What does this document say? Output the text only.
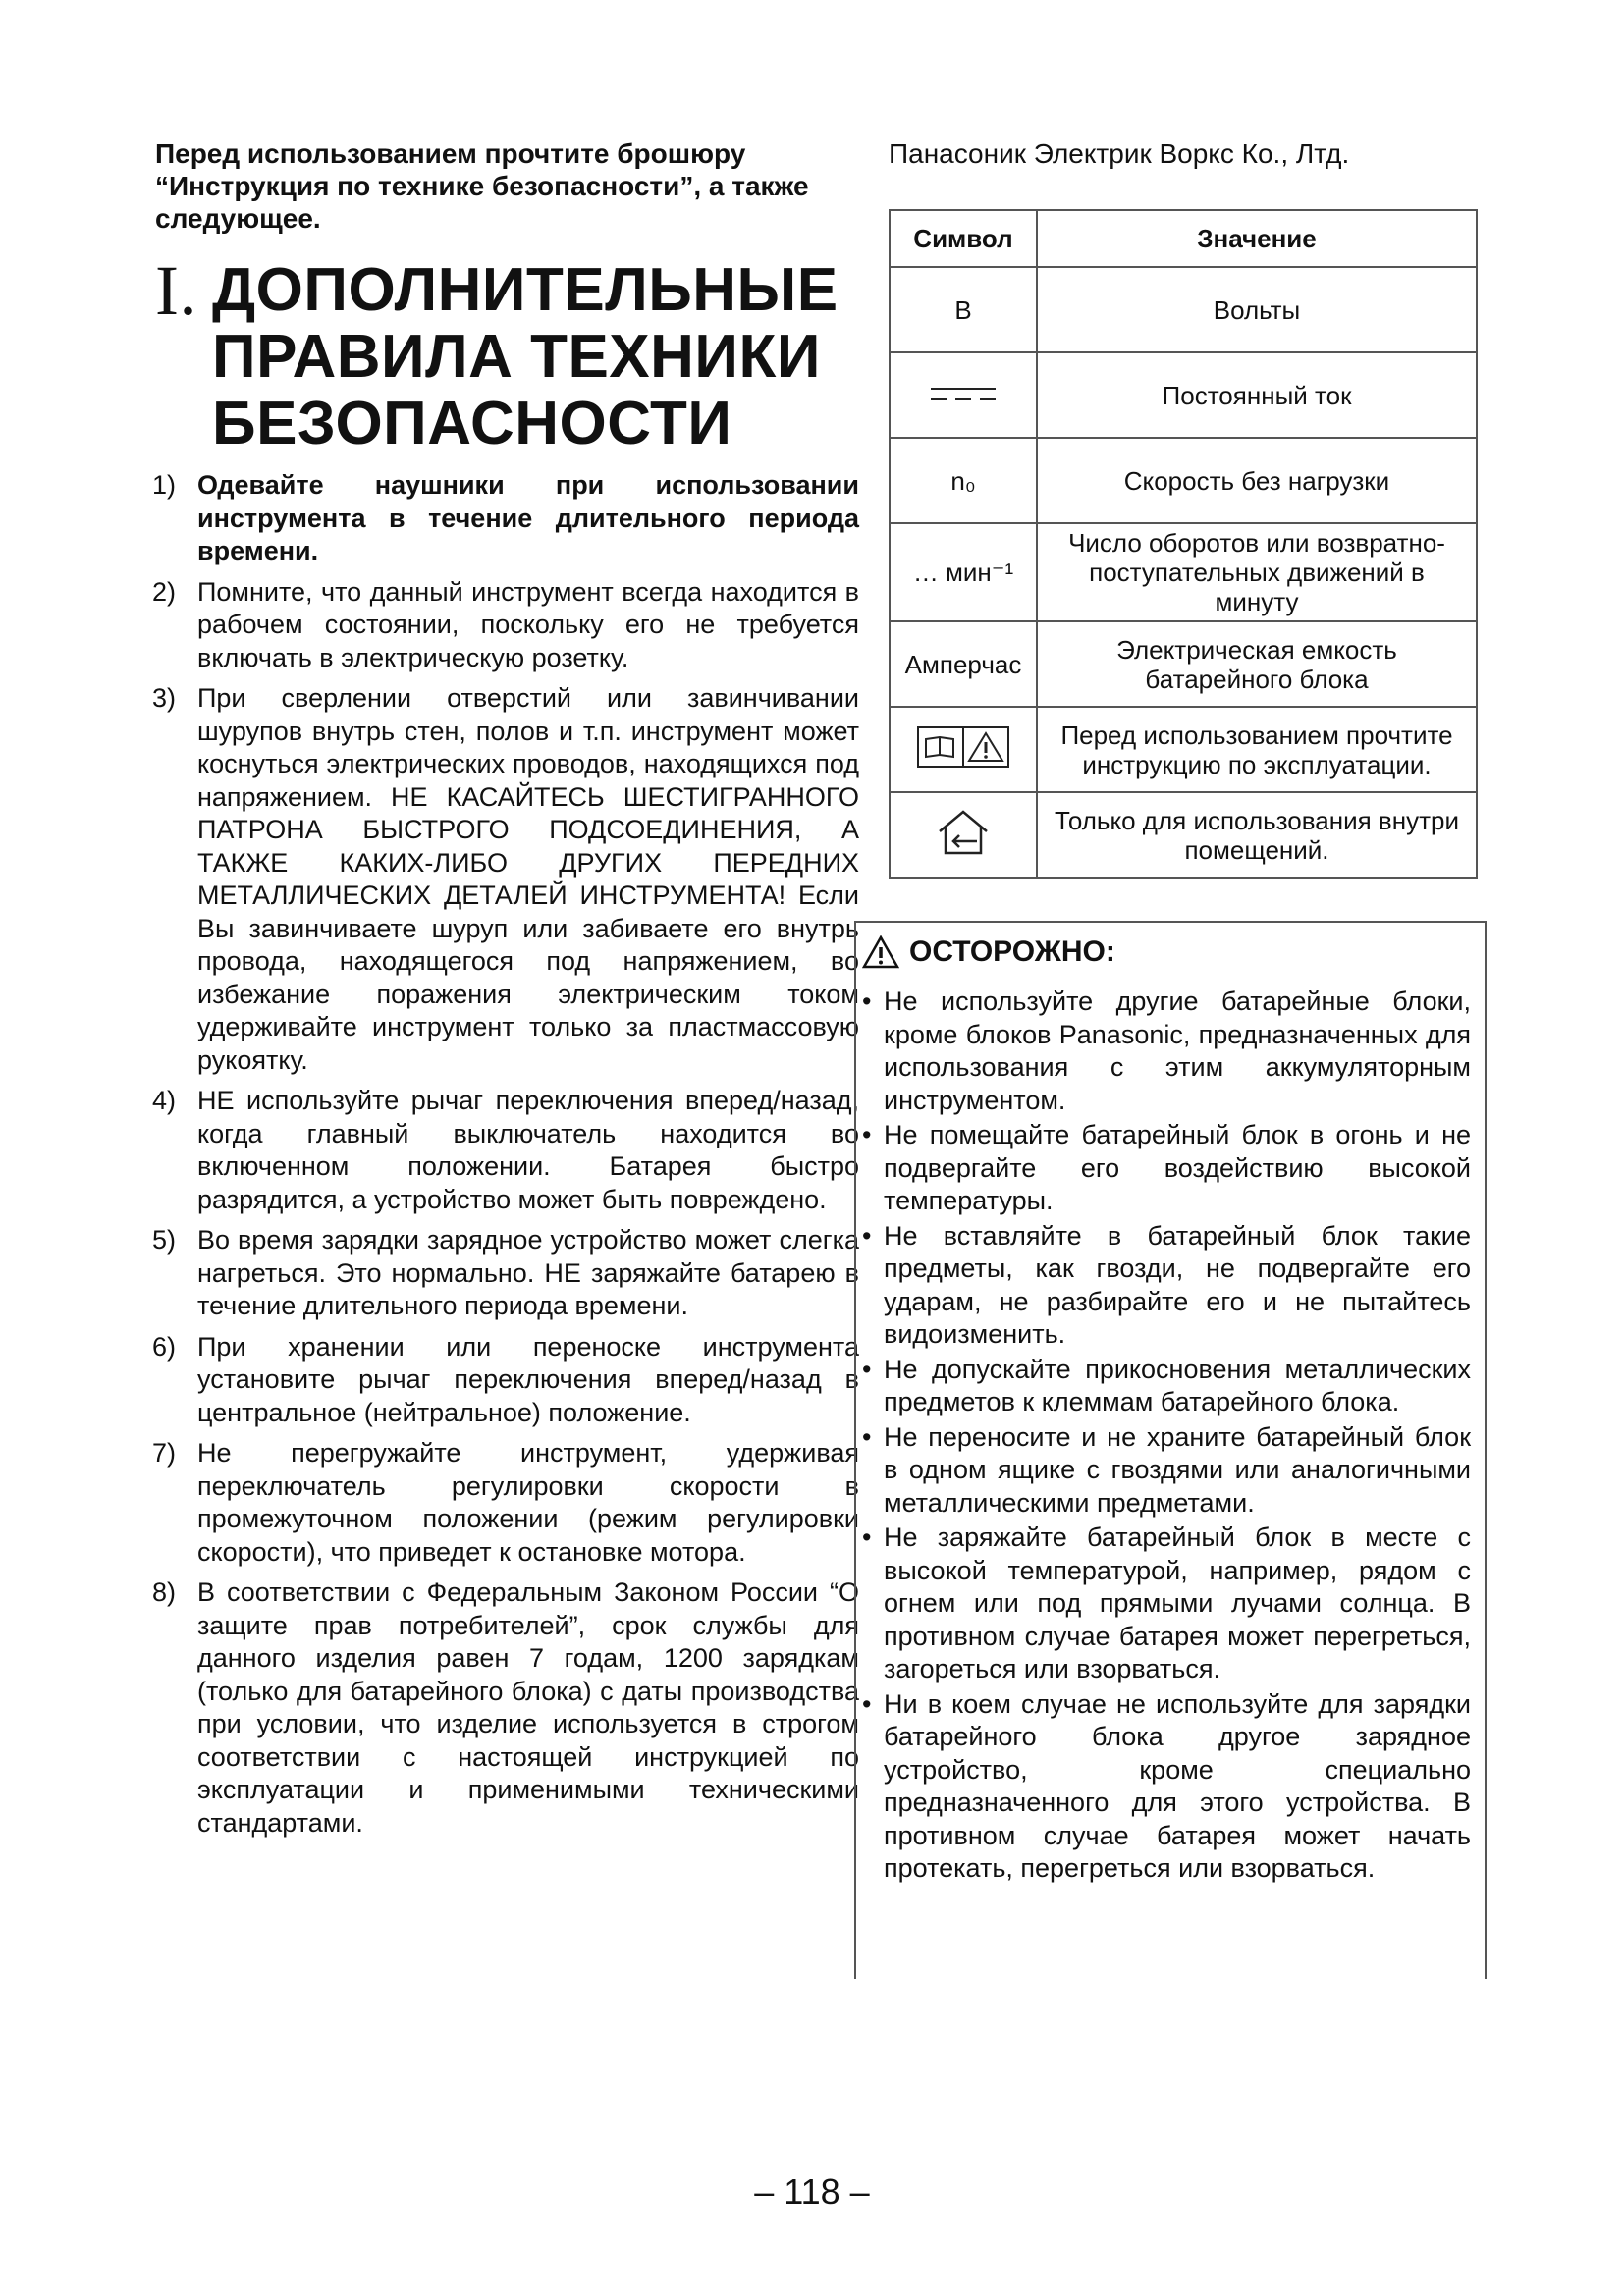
Перед использованием прочтите брошюру “Инструкция по технике безопасности”, а также следующее.
I. ДОПОЛНИТЕЛЬНЫЕ
ПРАВИЛА ТЕХНИКИ
БЕЗОПАСНОСТИ
1) Одевайте наушники при использовании инструмента в течение длительного периода времени.
2) Помните, что данный инструмент всегда находится в рабочем состоянии, поскольку его не требуется включать в электрическую розетку.
3) При сверлении отверстий или завинчивании шурупов внутрь стен, полов и т.п. инструмент может коснуться электрических проводов, находящихся под напряжением. НЕ КАСАЙТЕСЬ ШЕСТИГРАННОГО ПАТРОНА БЫСТРОГО ПОДСОЕДИНЕНИЯ, А ТАКЖЕ КАКИХ-ЛИБО ДРУГИХ ПЕРЕДНИХ МЕТАЛЛИЧЕСКИХ ДЕТАЛЕЙ ИНСТРУМЕНТА! Если Вы завинчиваете шуруп или забиваете его внутрь провода, находящегося под напряжением, во избежание поражения электрическим током удерживайте инструмент только за пластмассовую рукоятку.
4) НЕ используйте рычаг переключения вперед/назад, когда главный выключатель находится во включенном положении. Батарея быстро разрядится, а устройство может быть повреждено.
5) Во время зарядки зарядное устройство может слегка нагреться. Это нормально. НЕ заряжайте батарею в течение длительного периода времени.
6) При хранении или переноске инструмента установите рычаг переключения вперед/назад в центральное (нейтральное) положение.
7) Не перегружайте инструмент, удерживая переключатель регулировки скорости в промежуточном положении (режим регулировки скорости), что приведет к остановке мотора.
8) В соответствии с Федеральным Законом России “О защите прав потребителей”, срок службы для данного изделия равен 7 годам, 1200 зарядкам (только для батарейного блока) с даты производства при условии, что изделие используется в строгом соответствии с настоящей инструкцией по эксплуатации и применимыми техническими стандартами.
Панасоник Электрик Воркс Ко., Лтд.
Символ	Значение
В	Вольты
	Постоянный ток
n₀	Скорость без нагрузки
… мин⁻¹	Число оборотов или возвратно-поступательных движений в минуту
Амперчас	Электрическая емкость батарейного блока
	Перед использованием прочтите инструкцию по эксплуатации.
	Только для использования внутри помещений.
ОСТОРОЖНО:
• Не используйте другие батарейные блоки, кроме блоков Panasonic, предназначенных для использования с этим аккумуляторным инструментом.
• Не помещайте батарейный блок в огонь и не подвергайте его воздействию высокой температуры.
• Не вставляйте в батарейный блок такие предметы, как гвозди, не подвергайте его ударам, не разбирайте его и не пытайтесь видоизменить.
• Не допускайте прикосновения металлических предметов к клеммам батарейного блока.
• Не переносите и не храните батарейный блок в одном ящике с гвоздями или аналогичными металлическими предметами.
• Не заряжайте батарейный блок в месте с высокой температурой, например, рядом с огнем или под прямыми лучами солнца. В противном случае батарея может перегреться, загореться или взорваться.
• Ни в коем случае не используйте для зарядки батарейного блока другое зарядное устройство, кроме специально предназначенного для этого устройства. В противном случае батарея может начать протекать, перегреться или взорваться.
– 118 –
